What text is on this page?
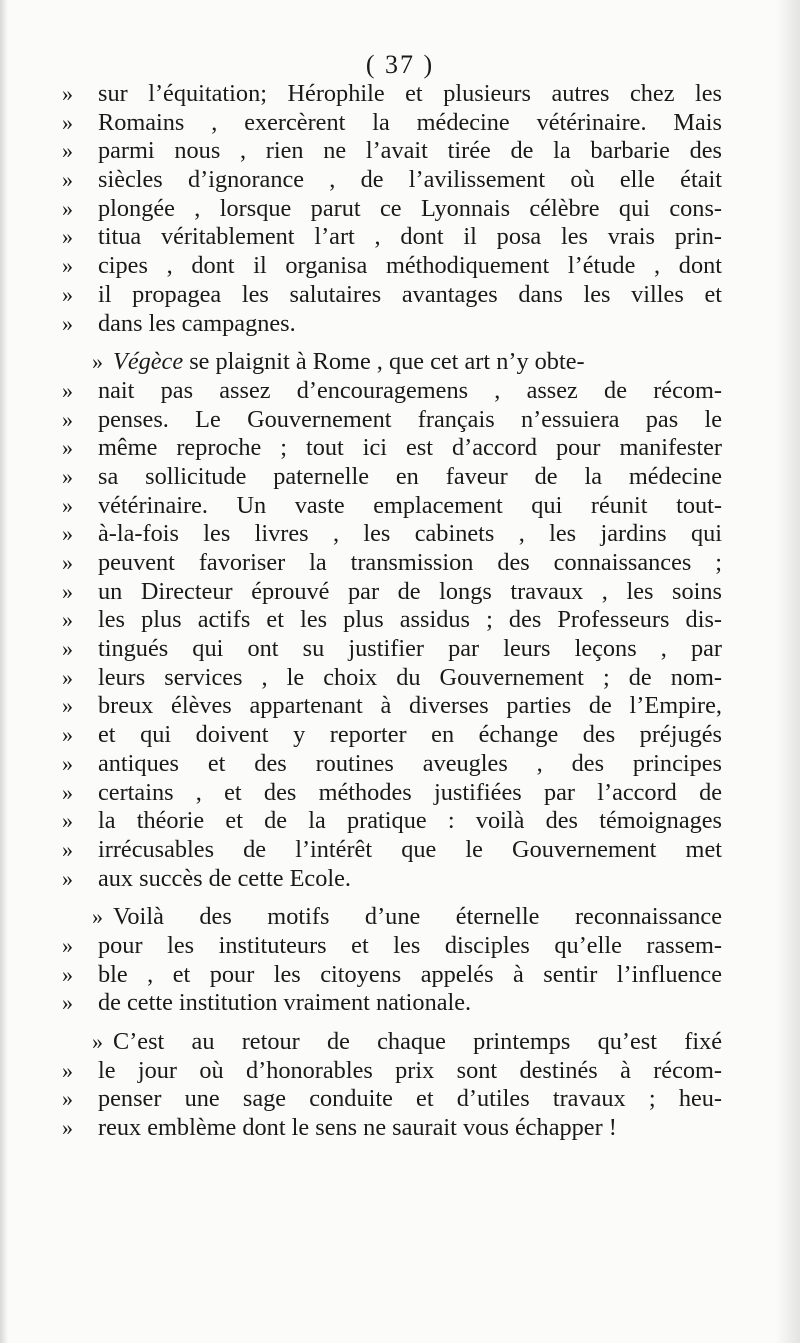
( 37 )
»	sur l’équitation; Hérophile et plusieurs autres chez les
»	Romains , exercèrent la médecine vétérinaire. Mais
»	parmi nous , rien ne l’avait tirée de la barbarie des
»	siècles d’ignorance , de l’avilissement où elle était
»	plongée , lorsque parut ce Lyonnais célèbre qui cons-
»	titua véritablement l’art , dont il posa les vrais prin-
»	cipes , dont il organisa méthodiquement l’étude , dont
»	il propagea les salutaires avantages dans les villes et
»	dans les campagnes.
» Végèce se plaignit à Rome , que cet art n’y obte-
»	nait pas assez d’encouragemens , assez de récom-
»	penses. Le Gouvernement français n’essuiera pas le
»	même reproche ; tout ici est d’accord pour manifester
»	sa sollicitude paternelle en faveur de la médecine
»	vétérinaire. Un vaste emplacement qui réunit tout-
»	à-la-fois les livres , les cabinets , les jardins qui
»	peuvent favoriser la transmission des connaissances ;
»	un Directeur éprouvé par de longs travaux , les soins
»	les plus actifs et les plus assidus ; des Professeurs dis-
»	tingués qui ont su justifier par leurs leçons , par
»	leurs services , le choix du Gouvernement ; de nom-
»	breux élèves appartenant à diverses parties de l’Empire,
»	et qui doivent y reporter en échange des préjugés
»	antiques et des routines aveugles , des principes
»	certains , et des méthodes justifiées par l’accord de
»	la théorie et de la pratique : voilà des témoignages
»	irrécusables de l’intérêt que le Gouvernement met
»	aux succès de cette Ecole.
» Voilà des motifs d’une éternelle reconnaissance
»	pour les instituteurs et les disciples qu’elle rassem-
»	ble , et pour les citoyens appelés à sentir l’influence
»	de cette institution vraiment nationale.
» C’est au retour de chaque printemps qu’est fixé
»	le jour où d’honorables prix sont destinés à récom-
»	penser une sage conduite et d’utiles travaux ; heu-
»	reux emblème dont le sens ne saurait vous échapper !
